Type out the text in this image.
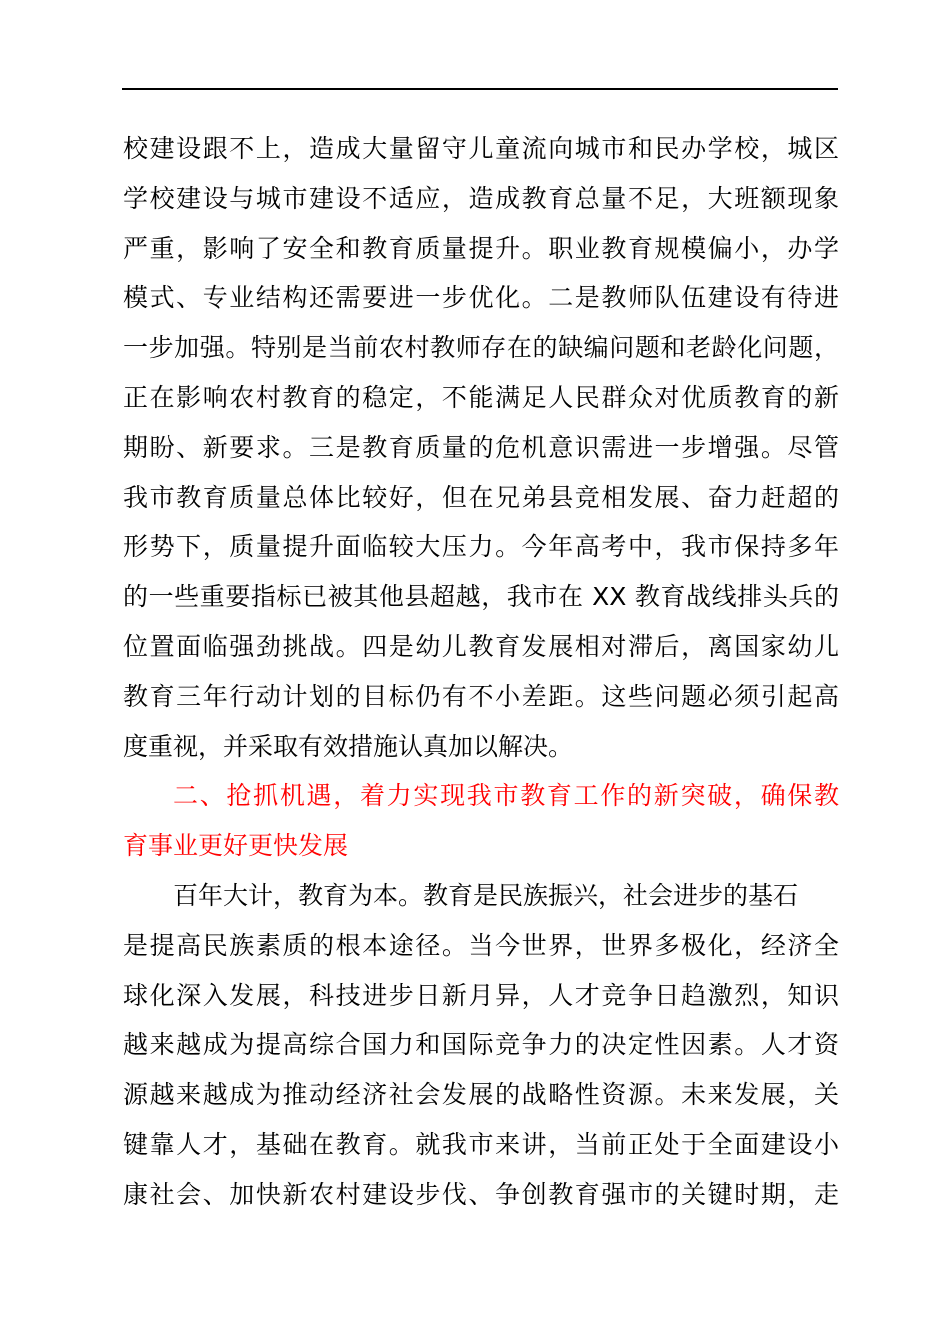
校建设跟不上，造成大量留守儿童流向城市和民办学校，城区
学校建设与城市建设不适应，造成教育总量不足，大班额现象
严重，影响了安全和教育质量提升。职业教育规模偏小，办学
模式、专业结构还需要进一步优化。二是教师队伍建设有待进
一步加强。特别是当前农村教师存在的缺编问题和老龄化问题，
正在影响农村教育的稳定，不能满足人民群众对优质教育的新
期盼、新要求。三是教育质量的危机意识需进一步增强。尽管
我市教育质量总体比较好，但在兄弟县竞相发展、奋力赶超的
形势下，质量提升面临较大压力。今年高考中，我市保持多年
的一些重要指标已被其他县超越，我市在 XX 教育战线排头兵的
位置面临强劲挑战。四是幼儿教育发展相对滞后，离国家幼儿
教育三年行动计划的目标仍有不小差距。这些问题必须引起高
度重视，并采取有效措施认真加以解决。
二、抢抓机遇，着力实现我市教育工作的新突破，确保教
育事业更好更快发展
百年大计，教育为本。教育是民族振兴，社会进步的基石
是提高民族素质的根本途径。当今世界，世界多极化，经济全
球化深入发展，科技进步日新月异，人才竞争日趋激烈，知识
越来越成为提高综合国力和国际竞争力的决定性因素。人才资
源越来越成为推动经济社会发展的战略性资源。未来发展，关
键靠人才，基础在教育。就我市来讲，当前正处于全面建设小
康社会、加快新农村建设步伐、争创教育强市的关键时期，走
